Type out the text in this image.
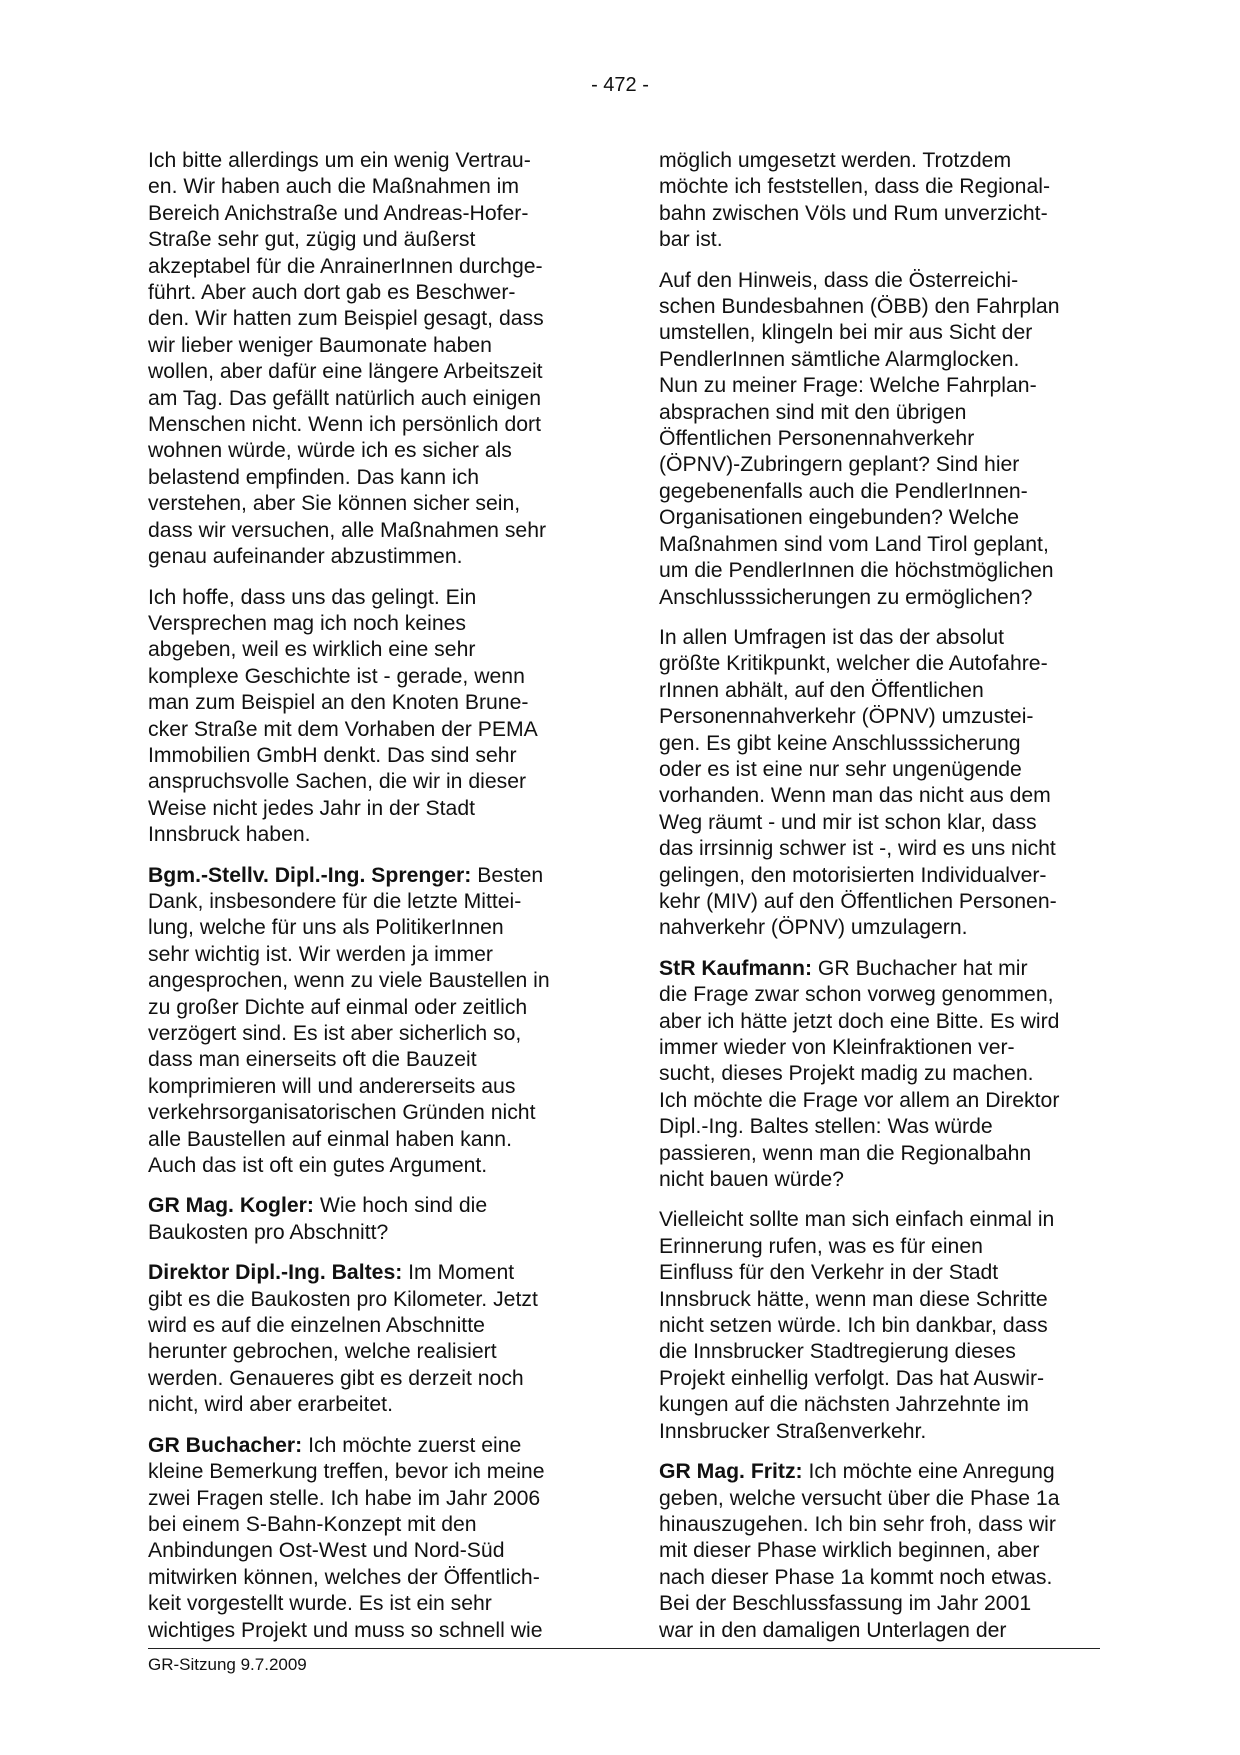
- 472 -

Ich bitte allerdings um ein wenig Vertrau-
en. Wir haben auch die Maßnahmen im
Bereich Anichstraße und Andreas-Hofer-
Straße sehr gut, zügig und äußerst
akzeptabel für die AnrainerInnen durchge-
führt. Aber auch dort gab es Beschwer-
den. Wir hatten zum Beispiel gesagt, dass
wir lieber weniger Baumonate haben
wollen, aber dafür eine längere Arbeitszeit
am Tag. Das gefällt natürlich auch einigen
Menschen nicht. Wenn ich persönlich dort
wohnen würde, würde ich es sicher als
belastend empfinden. Das kann ich
verstehen, aber Sie können sicher sein,
dass wir versuchen, alle Maßnahmen sehr
genau aufeinander abzustimmen.

Ich hoffe, dass uns das gelingt. Ein
Versprechen mag ich noch keines
abgeben, weil es wirklich eine sehr
komplexe Geschichte ist - gerade, wenn
man zum Beispiel an den Knoten Brune-
cker Straße mit dem Vorhaben der PEMA
Immobilien GmbH denkt. Das sind sehr
anspruchsvolle Sachen, die wir in dieser
Weise nicht jedes Jahr in der Stadt
Innsbruck haben.

Bgm.-Stellv. Dipl.-Ing. Sprenger: Besten
Dank, insbesondere für die letzte Mittei-
lung, welche für uns als PolitikerInnen
sehr wichtig ist. Wir werden ja immer
angesprochen, wenn zu viele Baustellen in
zu großer Dichte auf einmal oder zeitlich
verzögert sind. Es ist aber sicherlich so,
dass man einerseits oft die Bauzeit
komprimieren will und andererseits aus
verkehrsorganisatorischen Gründen nicht
alle Baustellen auf einmal haben kann.
Auch das ist oft ein gutes Argument.

GR Mag. Kogler: Wie hoch sind die
Baukosten pro Abschnitt?

Direktor Dipl.-Ing. Baltes: Im Moment
gibt es die Baukosten pro Kilometer. Jetzt
wird es auf die einzelnen Abschnitte
herunter gebrochen, welche realisiert
werden. Genaueres gibt es derzeit noch
nicht, wird aber erarbeitet.

GR Buchacher: Ich möchte zuerst eine
kleine Bemerkung treffen, bevor ich meine
zwei Fragen stelle. Ich habe im Jahr 2006
bei einem S-Bahn-Konzept mit den
Anbindungen Ost-West und Nord-Süd
mitwirken können, welches der Öffentlich-
keit vorgestellt wurde. Es ist ein sehr
wichtiges Projekt und muss so schnell wie

möglich umgesetzt werden. Trotzdem
möchte ich feststellen, dass die Regional-
bahn zwischen Völs und Rum unverzicht-
bar ist.

Auf den Hinweis, dass die Österreichi-
schen Bundesbahnen (ÖBB) den Fahrplan
umstellen, klingeln bei mir aus Sicht der
PendlerInnen sämtliche Alarmglocken.
Nun zu meiner Frage: Welche Fahrplan-
absprachen sind mit den übrigen
Öffentlichen Personennahverkehr
(ÖPNV)-Zubringern geplant? Sind hier
gegebenenfalls auch die PendlerInnen-
Organisationen eingebunden? Welche
Maßnahmen sind vom Land Tirol geplant,
um die PendlerInnen die höchstmöglichen
Anschlusssicherungen zu ermöglichen?

In allen Umfragen ist das der absolut
größte Kritikpunkt, welcher die Autofahre-
rInnen abhält, auf den Öffentlichen
Personennahverkehr (ÖPNV) umzustei-
gen. Es gibt keine Anschlusssicherung
oder es ist eine nur sehr ungenügende
vorhanden. Wenn man das nicht aus dem
Weg räumt - und mir ist schon klar, dass
das irrsinnig schwer ist -, wird es uns nicht
gelingen, den motorisierten Individualver-
kehr (MIV) auf den Öffentlichen Personen-
nahverkehr (ÖPNV) umzulagern.

StR Kaufmann: GR Buchacher hat mir
die Frage zwar schon vorweg genommen,
aber ich hätte jetzt doch eine Bitte. Es wird
immer wieder von Kleinfraktionen ver-
sucht, dieses Projekt madig zu machen.
Ich möchte die Frage vor allem an Direktor
Dipl.-Ing. Baltes stellen: Was würde
passieren, wenn man die Regionalbahn
nicht bauen würde?

Vielleicht sollte man sich einfach einmal in
Erinnerung rufen, was es für einen
Einfluss für den Verkehr in der Stadt
Innsbruck hätte, wenn man diese Schritte
nicht setzen würde. Ich bin dankbar, dass
die Innsbrucker Stadtregierung dieses
Projekt einhellig verfolgt. Das hat Auswir-
kungen auf die nächsten Jahrzehnte im
Innsbrucker Straßenverkehr.

GR Mag. Fritz: Ich möchte eine Anregung
geben, welche versucht über die Phase 1a
hinauszugehen. Ich bin sehr froh, dass wir
mit dieser Phase wirklich beginnen, aber
nach dieser Phase 1a kommt noch etwas.
Bei der Beschlussfassung im Jahr 2001
war in den damaligen Unterlagen der

GR-Sitzung 9.7.2009
